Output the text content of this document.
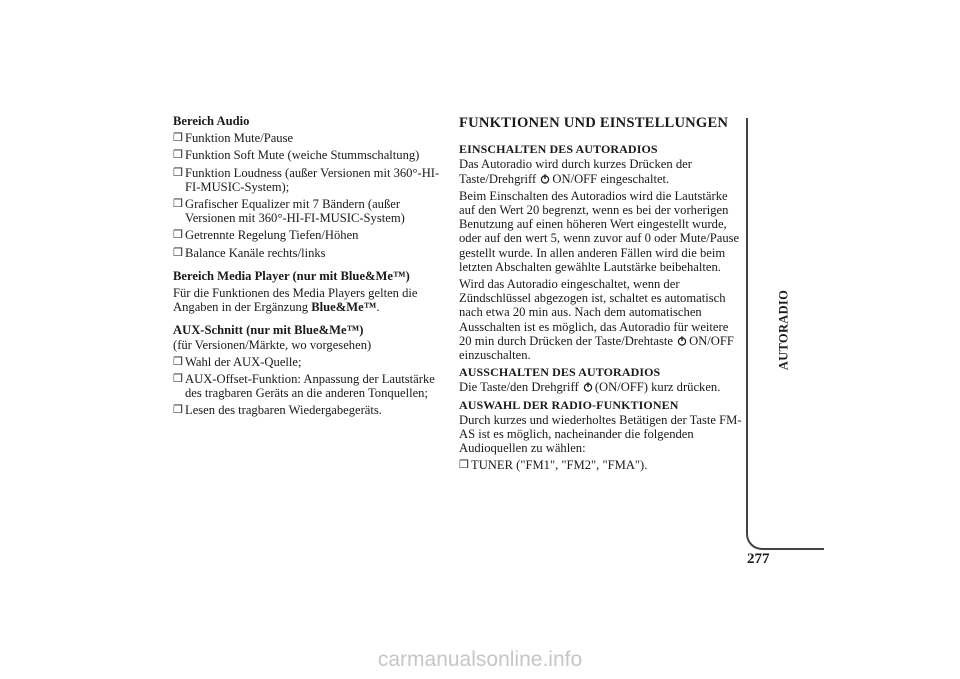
Bereich Audio
❒ Funktion Mute/Pause
❒ Funktion Soft Mute (weiche Stummschaltung)
❒ Funktion Loudness (außer Versionen mit 360°-HI-FI-MUSIC-System);
❒ Grafischer Equalizer mit 7 Bändern (außer Versionen mit 360°-HI-FI-MUSIC-System)
❒ Getrennte Regelung Tiefen/Höhen
❒ Balance Kanäle rechts/links
Bereich Media Player (nur mit Blue&Me™)
Für die Funktionen des Media Players gelten die Angaben in der Ergänzung Blue&Me™.
AUX-Schnitt (nur mit Blue&Me™)
(für Versionen/Märkte, wo vorgesehen)
❒ Wahl der AUX-Quelle;
❒ AUX-Offset-Funktion: Anpassung der Lautstärke des tragbaren Geräts an die anderen Tonquellen;
❒ Lesen des tragbaren Wiedergabegeräts.
FUNKTIONEN UND EINSTELLUNGEN
EINSCHALTEN DES AUTORADIOS
Das Autoradio wird durch kurzes Drücken der Taste/Drehgriff ON/OFF eingeschaltet.
Beim Einschalten des Autoradios wird die Lautstärke auf den Wert 20 begrenzt, wenn es bei der vorherigen Benutzung auf einen höheren Wert eingestellt wurde, oder auf den wert 5, wenn zuvor auf 0 oder Mute/Pause gestellt wurde. In allen anderen Fällen wird die beim letzten Abschalten gewählte Lautstärke beibehalten.
Wird das Autoradio eingeschaltet, wenn der Zündschlüssel abgezogen ist, schaltet es automatisch nach etwa 20 min aus. Nach dem automatischen Ausschalten ist es möglich, das Autoradio für weitere 20 min durch Drücken der Taste/Drehtaste ON/OFF einzuschalten.
AUSSCHALTEN DES AUTORADIOS
Die Taste/den Drehgriff (ON/OFF) kurz drücken.
AUSWAHL DER RADIO-FUNKTIONEN
Durch kurzes und wiederholtes Betätigen der Taste FM-AS ist es möglich, nacheinander die folgenden Audioquellen zu wählen:
❒ TUNER ("FM1", "FM2", "FMA").
AUTORADIO
277
carmanualsonline.info
